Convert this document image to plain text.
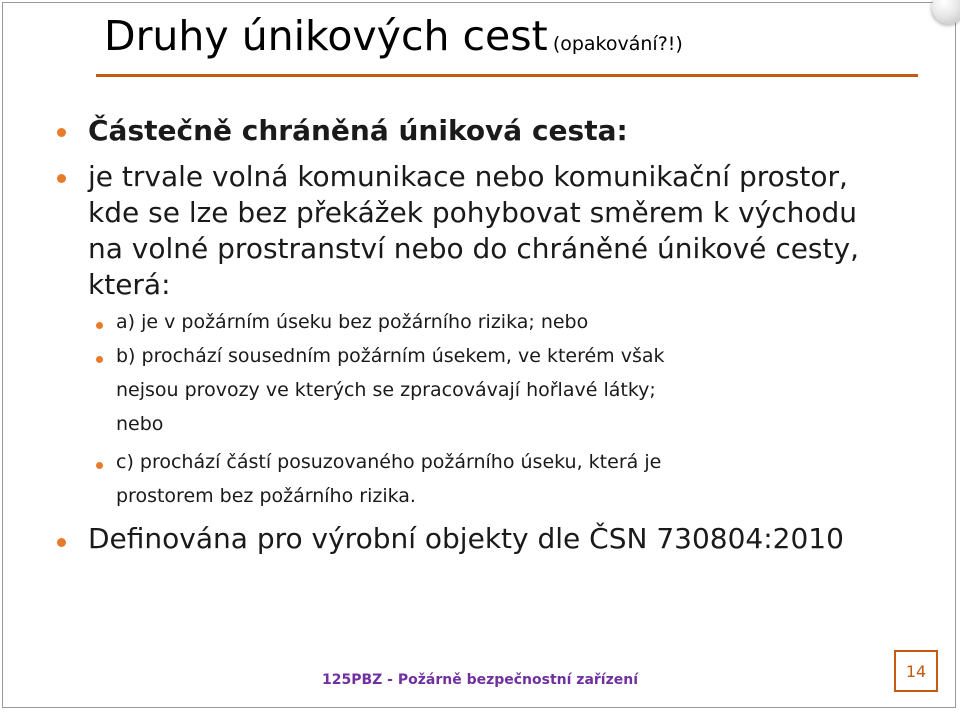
Druhy únikových cest (opakování?!)
Částečně chráněná úniková cesta:
je trvale volná komunikace nebo komunikační prostor,
kde se lze bez překážek pohybovat směrem k východu
na volné prostranství nebo do chráněné únikové cesty,
která:
a) je v požárním úseku bez požárního rizika; nebo
b) prochází sousedním požárním úsekem, ve kterém však
nejsou provozy ve kterých se zpracovávají hořlavé látky;
nebo
c) prochází částí posuzovaného požárního úseku, která je
prostorem bez požárního rizika.
Definována pro výrobní objekty dle ČSN 730804:2010
125PBZ - Požárně bezpečnostní zařízení	14
